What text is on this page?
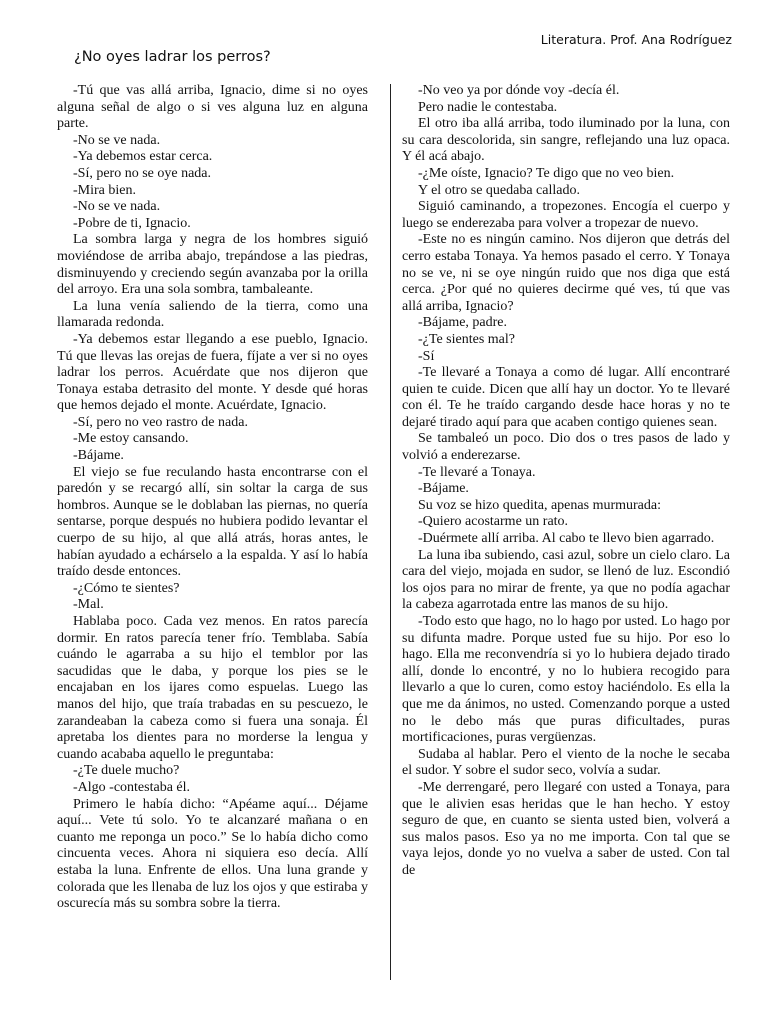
Literatura. Prof. Ana Rodríguez
¿No oyes ladrar los perros?

-Tú que vas allá arriba, Ignacio, dime si no oyes alguna señal de algo o si ves alguna luz en alguna parte.

-No se ve nada.

-Ya debemos estar cerca.

-Sí, pero no se oye nada.

-Mira bien.

-No se ve nada.

-Pobre de ti, Ignacio.

La sombra larga y negra de los hombres siguió moviéndose de arriba abajo, trepándose a las piedras, disminuyendo y creciendo según avanzaba por la orilla del arroyo. Era una sola sombra, tambaleante.

La luna venía saliendo de la tierra, como una llamarada redonda.

-Ya debemos estar llegando a ese pueblo, Ignacio. Tú que llevas las orejas de fuera, fíjate a ver si no oyes ladrar los perros. Acuérdate que nos dijeron que Tonaya estaba detrasito del monte. Y desde qué horas que hemos dejado el monte. Acuérdate, Ignacio.

-Sí, pero no veo rastro de nada.

-Me estoy cansando.

-Bájame.

El viejo se fue reculando hasta encontrarse con el paredón y se recargó allí, sin soltar la carga de sus hombros. Aunque se le doblaban las piernas, no quería sentarse, porque después no hubiera podido levantar el cuerpo de su hijo, al que allá atrás, horas antes, le habían ayudado a echárselo a la espalda. Y así lo había traído desde entonces.

-¿Cómo te sientes?

-Mal.

Hablaba poco. Cada vez menos. En ratos parecía dormir. En ratos parecía tener frío. Temblaba. Sabía cuándo le agarraba a su hijo el temblor por las sacudidas que le daba, y porque los pies se le encajaban en los ijares como espuelas. Luego las manos del hijo, que traía trabadas en su pescuezo, le zarandeaban la cabeza como si fuera una sonaja. Él apretaba los dientes para no morderse la lengua y cuando acababa aquello le preguntaba:

-¿Te duele mucho?

-Algo -contestaba él.

Primero le había dicho: “Apéame aquí... Déjame aquí... Vete tú solo. Yo te alcanzaré mañana o en cuanto me reponga un poco.” Se lo había dicho como cincuenta veces. Ahora ni siquiera eso decía. Allí estaba la luna. Enfrente de ellos. Una luna grande y colorada que les llenaba de luz los ojos y que estiraba y oscurecía más su sombra sobre la tierra.

-No veo ya por dónde voy -decía él.

Pero nadie le contestaba.

El otro iba allá arriba, todo iluminado por la luna, con su cara descolorida, sin sangre, reflejando una luz opaca. Y él acá abajo.

-¿Me oíste, Ignacio? Te digo que no veo bien.

Y el otro se quedaba callado.

Siguió caminando, a tropezones. Encogía el cuerpo y luego se enderezaba para volver a tropezar de nuevo.

-Este no es ningún camino. Nos dijeron que detrás del cerro estaba Tonaya. Ya hemos pasado el cerro. Y Tonaya no se ve, ni se oye ningún ruido que nos diga que está cerca. ¿Por qué no quieres decirme qué ves, tú que vas allá arriba, Ignacio?

-Bájame, padre.

-¿Te sientes mal?

-Sí

-Te llevaré a Tonaya a como dé lugar. Allí encontraré quien te cuide. Dicen que allí hay un doctor. Yo te llevaré con él. Te he traído cargando desde hace horas y no te dejaré tirado aquí para que acaben contigo quienes sean.

Se tambaleó un poco. Dio dos o tres pasos de lado y volvió a enderezarse.

-Te llevaré a Tonaya.

-Bájame.

Su voz se hizo quedita, apenas murmurada:

-Quiero acostarme un rato.

-Duérmete allí arriba. Al cabo te llevo bien agarrado.

La luna iba subiendo, casi azul, sobre un cielo claro. La cara del viejo, mojada en sudor, se llenó de luz. Escondió los ojos para no mirar de frente, ya que no podía agachar la cabeza agarrotada entre las manos de su hijo.

-Todo esto que hago, no lo hago por usted. Lo hago por su difunta madre. Porque usted fue su hijo. Por eso lo hago. Ella me reconvendría si yo lo hubiera dejado tirado allí, donde lo encontré, y no lo hubiera recogido para llevarlo a que lo curen, como estoy haciéndolo. Es ella la que me da ánimos, no usted. Comenzando porque a usted no le debo más que puras dificultades, puras mortificaciones, puras vergüenzas.

Sudaba al hablar. Pero el viento de la noche le secaba el sudor. Y sobre el sudor seco, volvía a sudar.

-Me derrengaré, pero llegaré con usted a Tonaya, para que le alivien esas heridas que le han hecho. Y estoy seguro de que, en cuanto se sienta usted bien, volverá a sus malos pasos. Eso ya no me importa. Con tal que se vaya lejos, donde yo no vuelva a saber de usted. Con tal de
